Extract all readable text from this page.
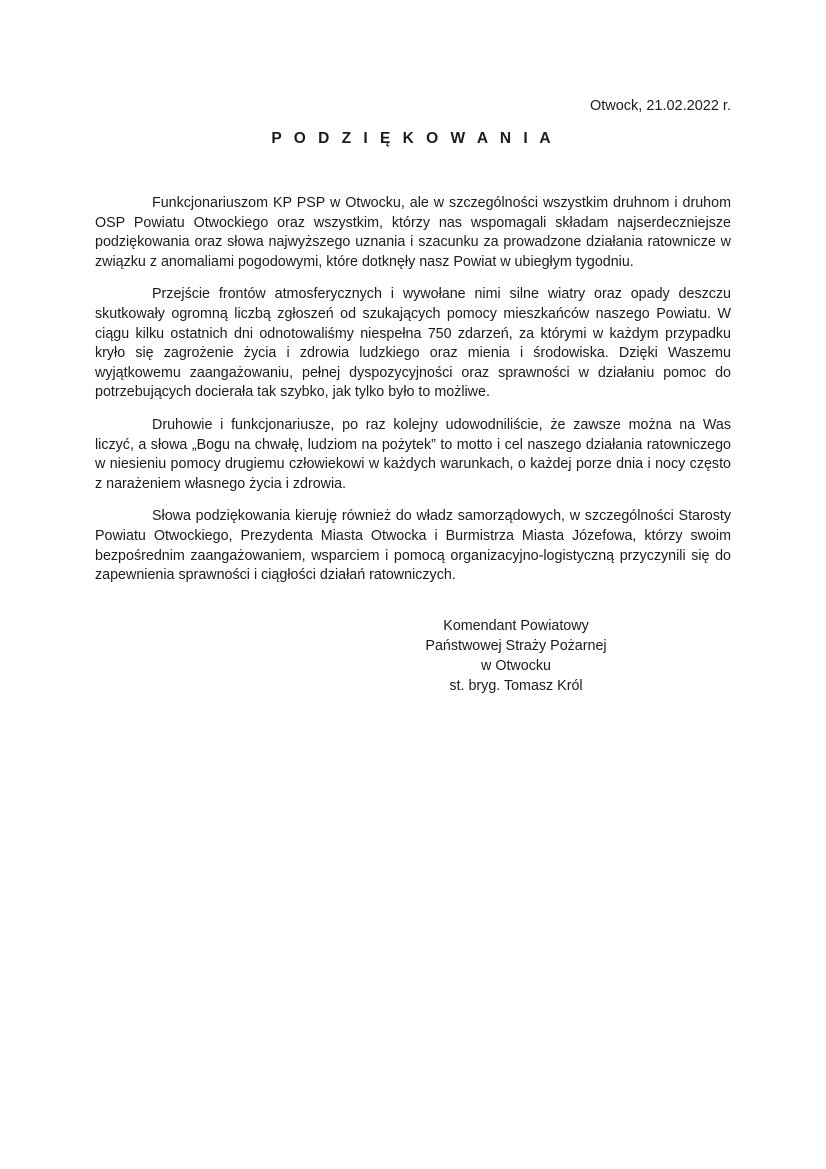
Otwock, 21.02.2022 r.
P O D Z I Ę K O W A N I A

Funkcjonariuszom KP PSP w Otwocku, ale w szczególności wszystkim druhnom i druhom OSP Powiatu Otwockiego oraz wszystkim, którzy nas wspomagali składam najserdeczniejsze podziękowania oraz słowa najwyższego uznania i szacunku za prowadzone działania ratownicze w związku z anomaliami pogodowymi, które dotknęły nasz Powiat w ubiegłym tygodniu.

Przejście frontów atmosferycznych i wywołane nimi silne wiatry oraz opady deszczu skutkowały ogromną liczbą zgłoszeń od szukających pomocy mieszkańców naszego Powiatu. W ciągu kilku ostatnich dni odnotowaliśmy niespełna 750 zdarzeń, za którymi w każdym przypadku kryło się zagrożenie życia i zdrowia ludzkiego oraz mienia i środowiska. Dzięki Waszemu wyjątkowemu zaangażowaniu, pełnej dyspozycyjności oraz sprawności w działaniu pomoc do potrzebujących docierała tak szybko, jak tylko było to możliwe.

Druhowie i funkcjonariusze, po raz kolejny udowodniliście, że zawsze można na Was liczyć, a słowa „Bogu na chwałę, ludziom na pożytek” to motto i cel naszego działania ratowniczego w niesieniu pomocy drugiemu człowiekowi w każdych warunkach, o każdej porze dnia i nocy często z narażeniem własnego życia i zdrowia.

Słowa podziękowania kieruję również do władz samorządowych, w szczególności Starosty Powiatu Otwockiego, Prezydenta Miasta Otwocka i Burmistrza Miasta Józefowa, którzy swoim bezpośrednim zaangażowaniem, wsparciem i pomocą organizacyjno-logistyczną przyczynili się do zapewnienia sprawności i ciągłości działań ratowniczych.

Komendant Powiatowy
Państwowej Straży Pożarnej
w Otwocku
st. bryg. Tomasz Król
